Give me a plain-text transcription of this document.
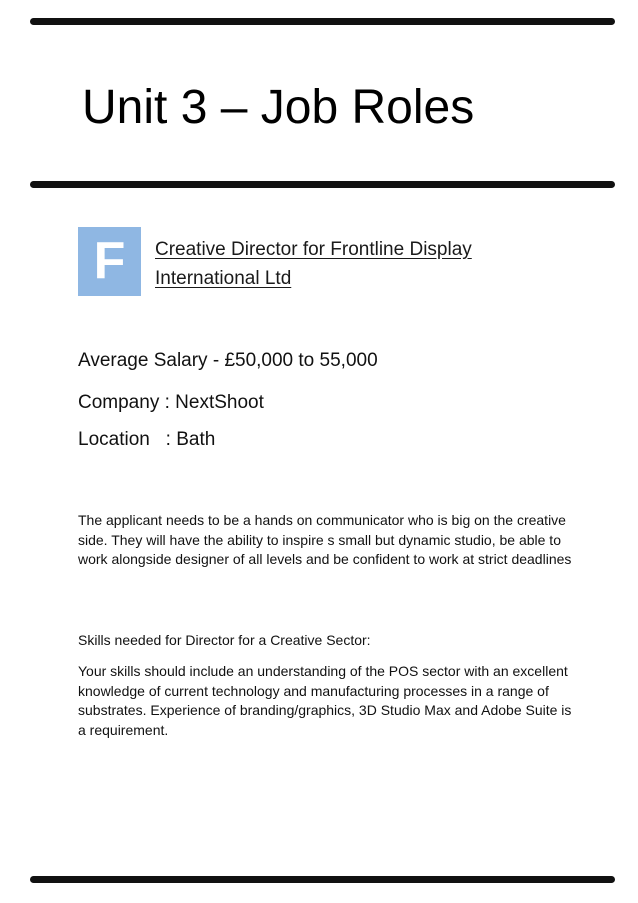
Unit 3 – Job Roles
F	Creative Director for Frontline Display International Ltd
Average Salary - £50,000 to 55,000
Company : NextShoot
Location   : Bath
The applicant needs to be a hands on communicator who is big on the creative side. They will have the ability to inspire s small but dynamic studio, be able to work alongside designer of all levels and be confident to work at strict deadlines
Skills needed for Director for a Creative Sector:
Your skills should include an understanding of the POS sector with an excellent knowledge of current technology and manufacturing processes in a range of substrates. Experience of branding/graphics, 3D Studio Max and Adobe Suite is a requirement.
